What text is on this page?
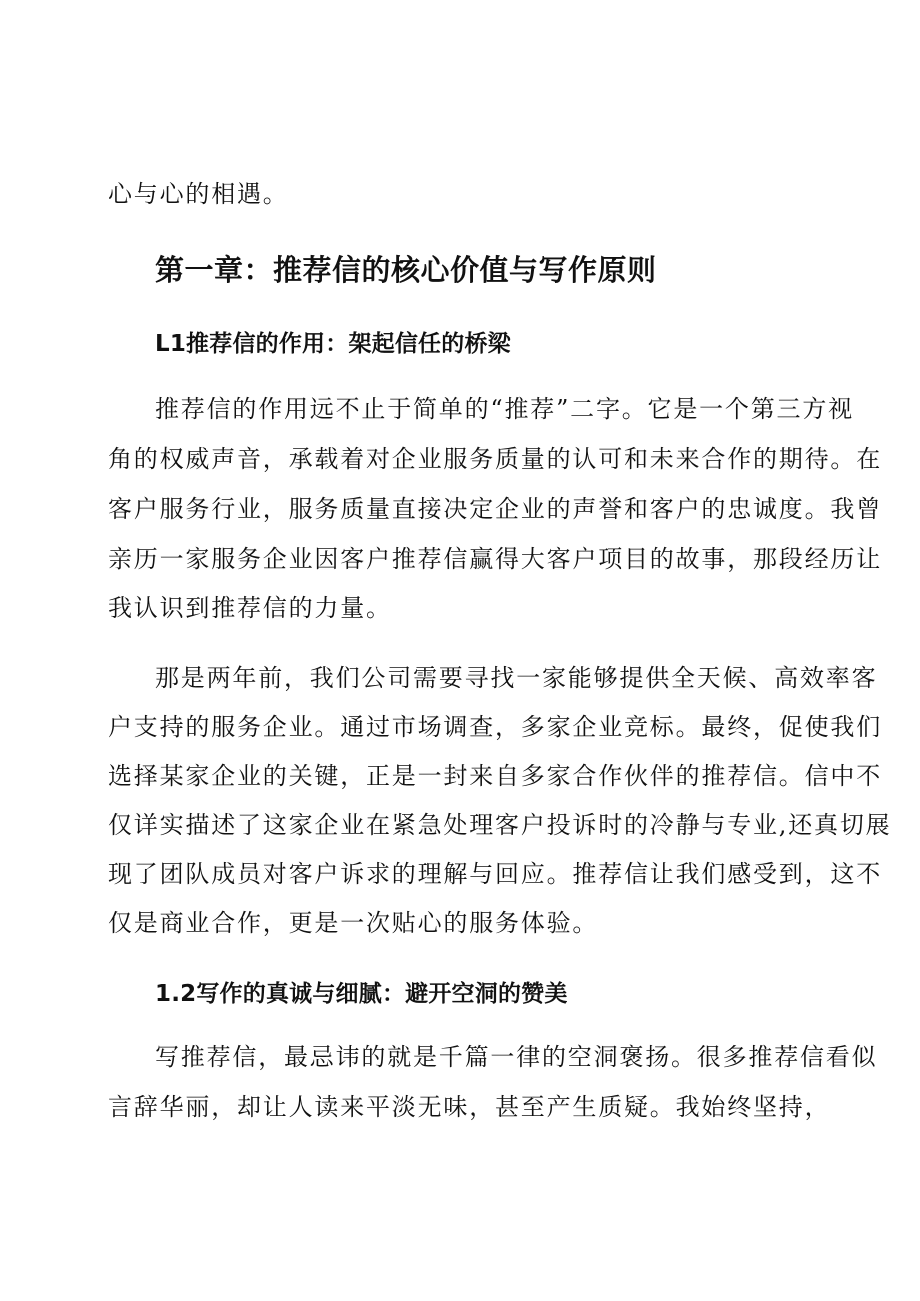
心与心的相遇。

第一章：推荐信的核心价值与写作原则
L1推荐信的作用：架起信任的桥梁

推荐信的作用远不止于简单的“推荐”二字。它是一个第三方视

角的权威声音，承载着对企业服务质量的认可和未来合作的期待。在

客户服务行业，服务质量直接决定企业的声誉和客户的忠诚度。我曾

亲历一家服务企业因客户推荐信赢得大客户项目的故事，那段经历让

我认识到推荐信的力量。

那是两年前，我们公司需要寻找一家能够提供全天候、高效率客

户支持的服务企业。通过市场调查，多家企业竞标。最终，促使我们

选择某家企业的关键，正是一封来自多家合作伙伴的推荐信。信中不

仅详实描述了这家企业在紧急处理客户投诉时的冷静与专业,还真切展

现了团队成员对客户诉求的理解与回应。推荐信让我们感受到，这不

仅是商业合作，更是一次贴心的服务体验。

1.2写作的真诚与细腻：避开空洞的赞美

写推荐信，最忌讳的就是千篇一律的空洞褒扬。很多推荐信看似

言辞华丽，却让人读来平淡无味，甚至产生质疑。我始终坚持，
